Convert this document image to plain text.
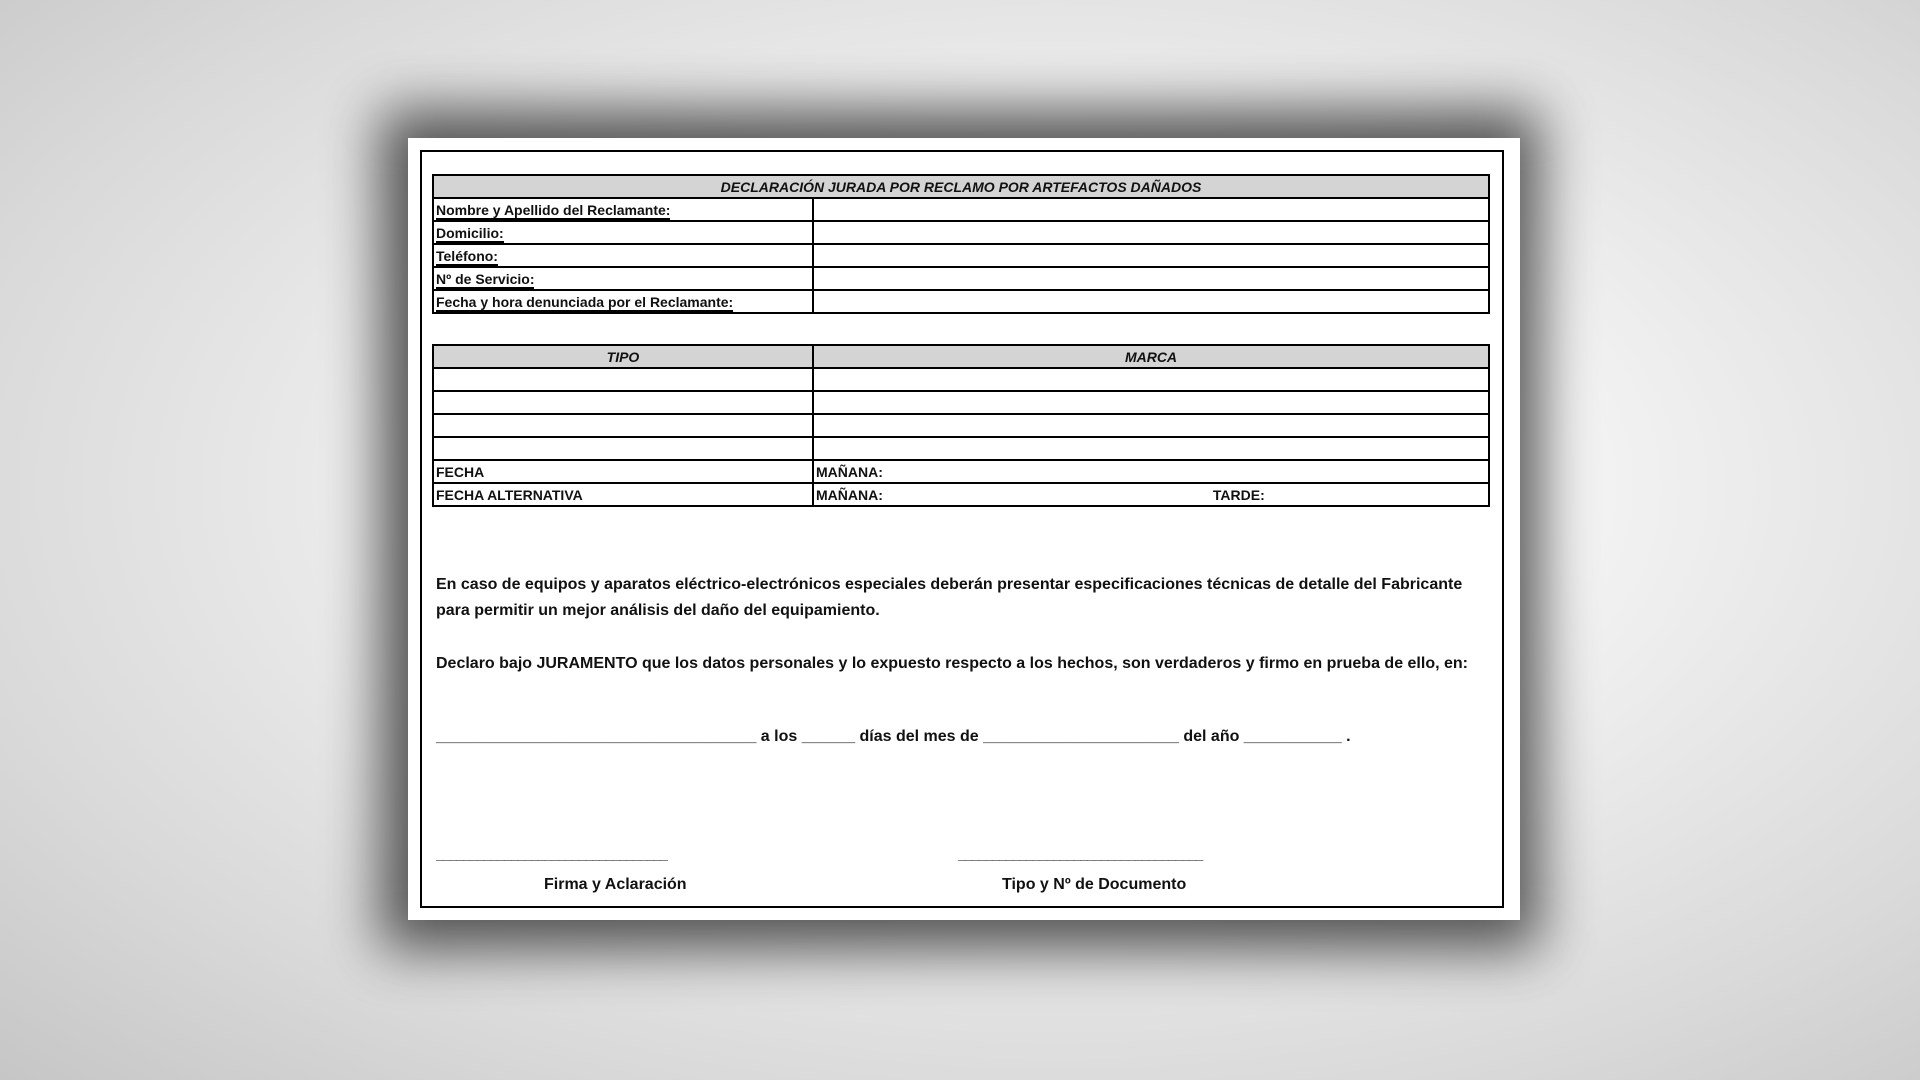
DECLARACIÓN JURADA POR RECLAMO POR ARTEFACTOS DAÑADOS	
Nombre y Apellido del Reclamante:	
Domicilio:	
Teléfono:	
Nº de Servicio:	
Fecha y hora denunciada por el Reclamante:	
TIPO	MARCA

FECHA	MAÑANA:
FECHA ALTERNATIVA	MAÑANA: TARDE:
En caso de equipos y aparatos eléctrico-electrónicos especiales deberán presentar especificaciones técnicas de detalle del Fabricante para permitir un mejor análisis del daño del equipamiento.
Declaro bajo JURAMENTO que los datos personales y lo expuesto respecto a los hechos, son verdaderos y firmo en prueba de ello, en:
____________________________________ a los ______ días del mes de ______________________ del año ___________ .
__________________________________	____________________________________
Firma y Aclaración	Tipo y Nº de Documento
